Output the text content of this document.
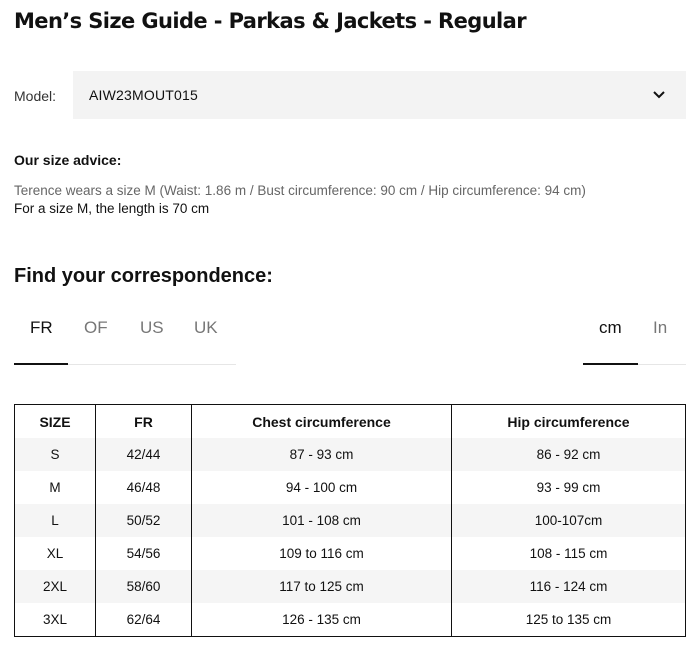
Men’s Size Guide - Parkas & Jackets - Regular
Model: AIW23MOUT015
Our size advice:
Terence wears a size M (Waist: 1.86 m / Bust circumference: 90 cm / Hip circumference: 94 cm)
For a size M, the length is 70 cm
Find your correspondence:
FR OF US UK	cm In
SIZE	FR	Chest circumference	Hip circumference
S	42/44	87 - 93 cm	86 - 92 cm
M	46/48	94 - 100 cm	93 - 99 cm
L	50/52	101 - 108 cm	100-107cm
XL	54/56	109 to 116 cm	108 - 115 cm
2XL	58/60	117 to 125 cm	116 - 124 cm
3XL	62/64	126 - 135 cm	125 to 135 cm
